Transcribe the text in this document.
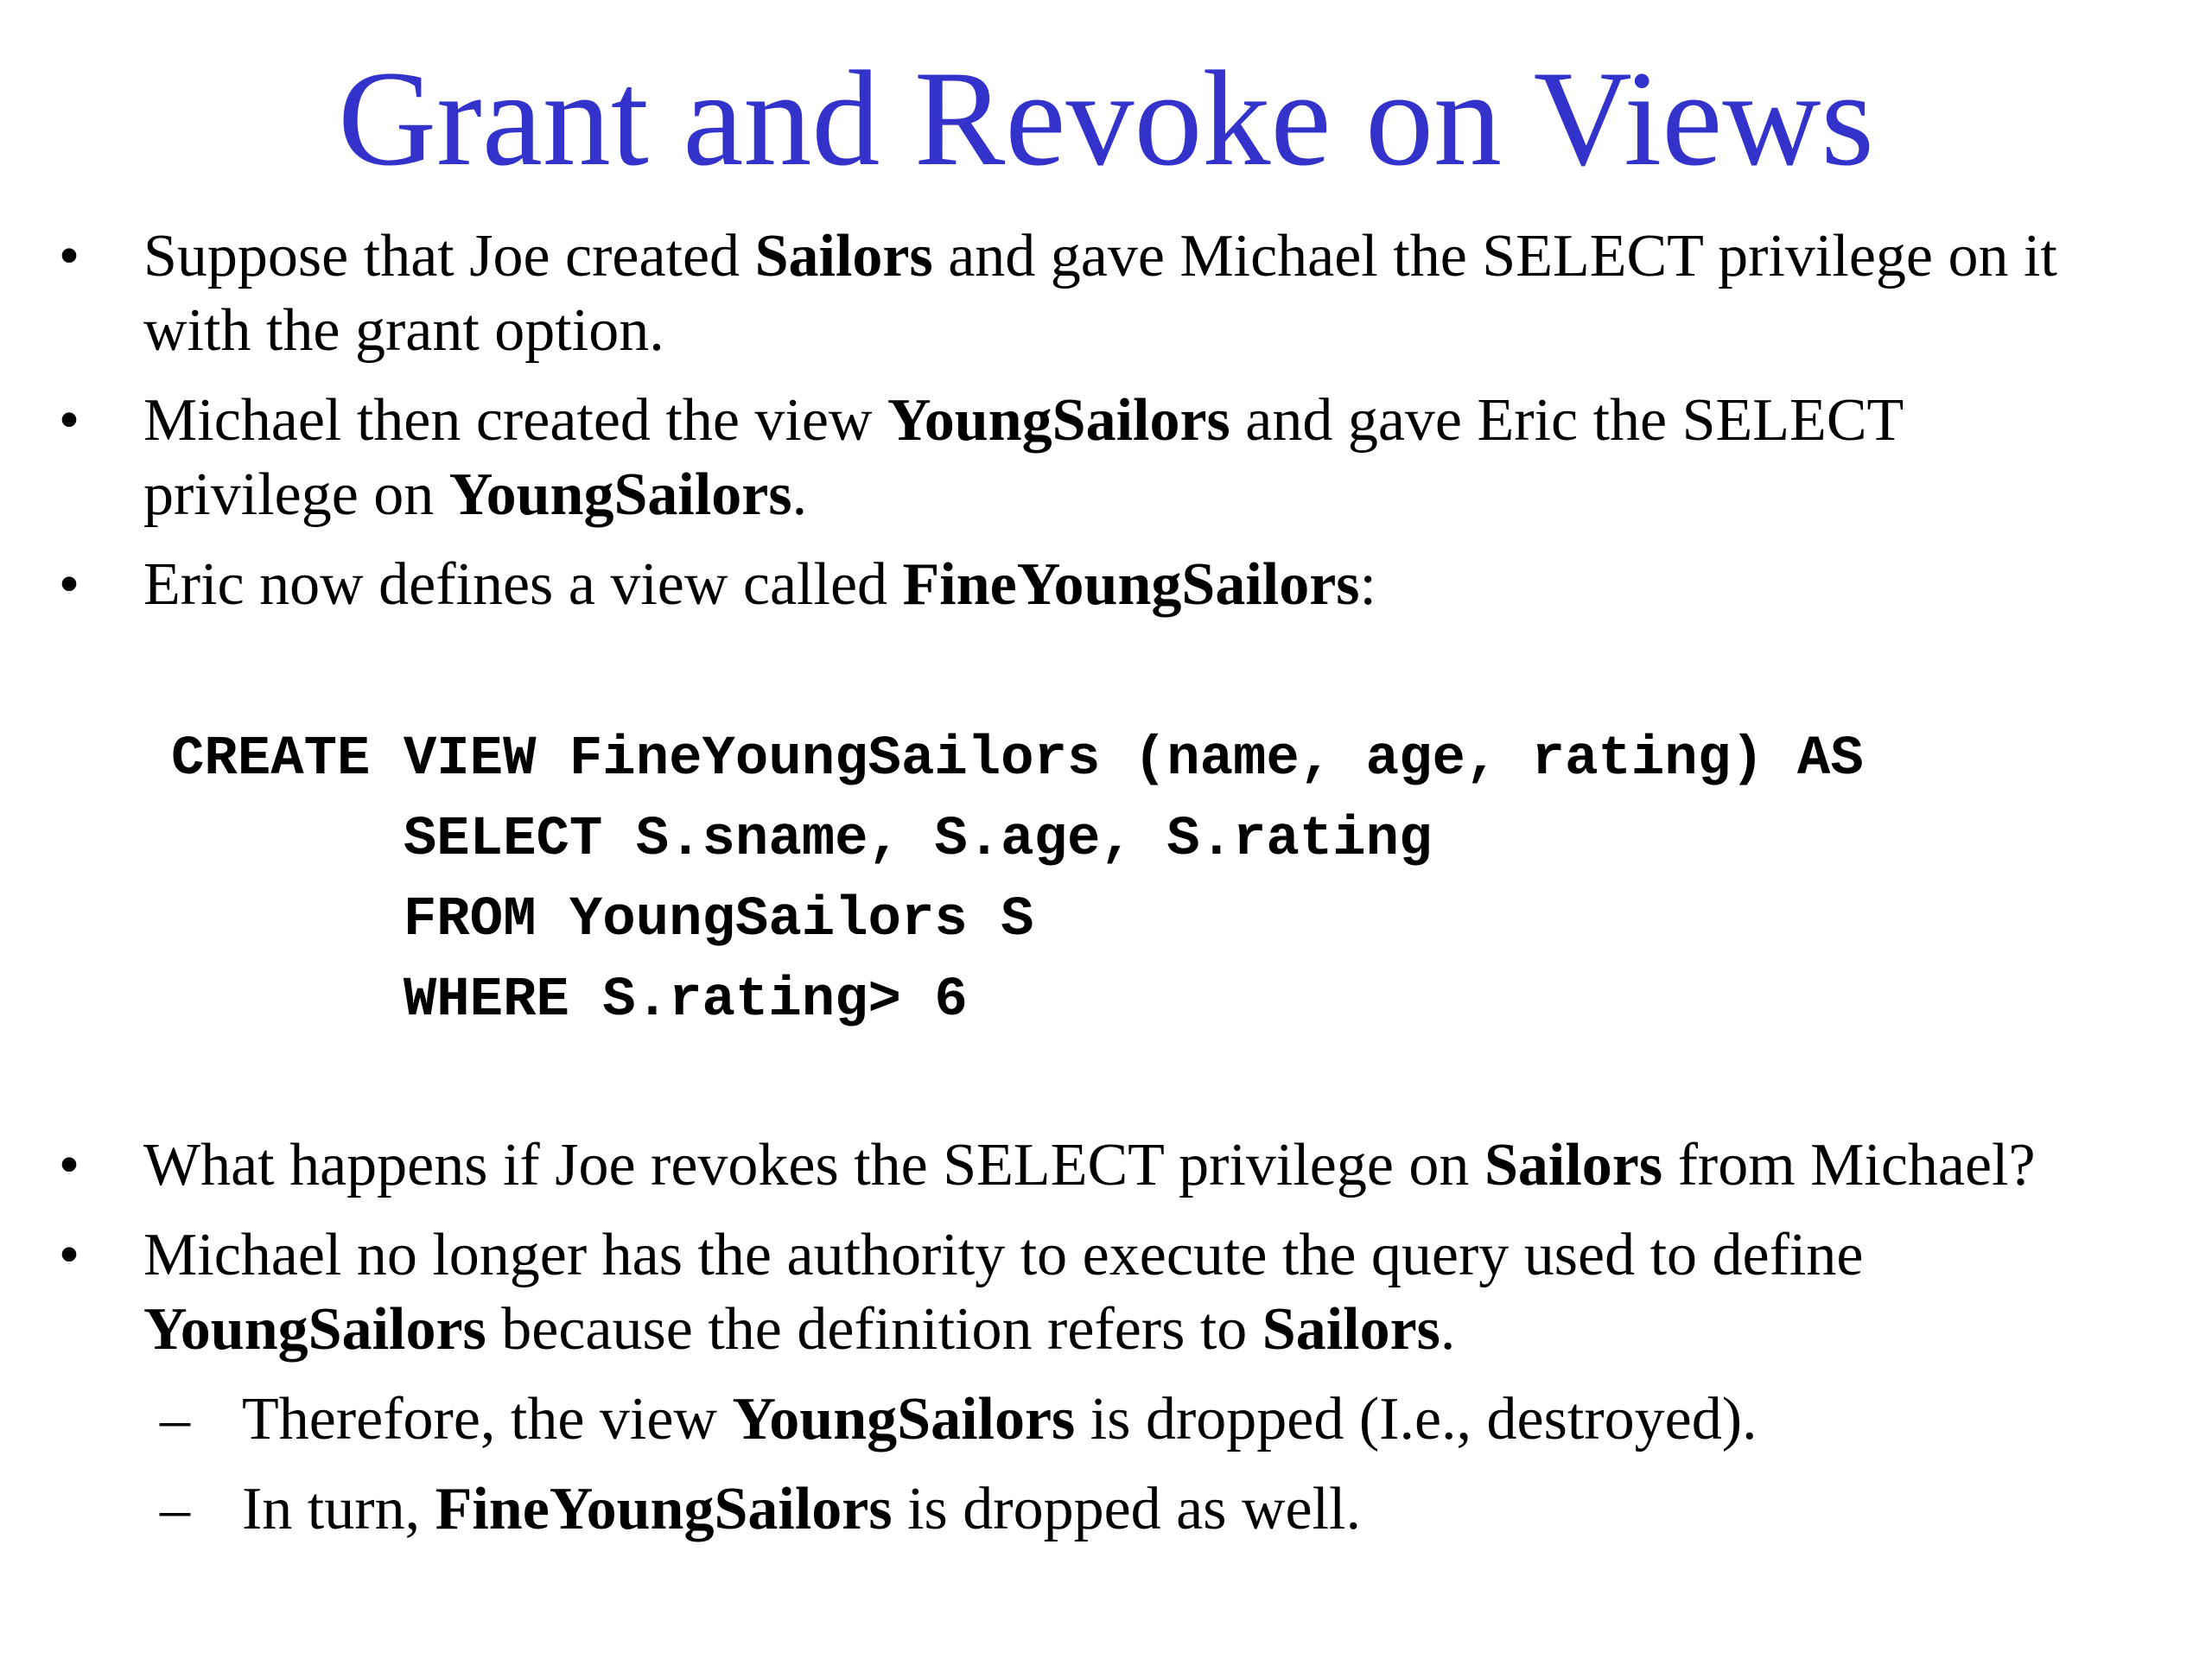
Grant and Revoke on Views
• Suppose that Joe created Sailors and gave Michael the SELECT privilege on it
with the grant option.
• Michael then created the view YoungSailors and gave Eric the SELECT
privilege on YoungSailors.
• Eric now defines a view called FineYoungSailors:
CREATE VIEW FineYoungSailors (name, age, rating) AS
SELECT S.sname, S.age, S.rating
FROM YoungSailors S
WHERE S.rating> 6
• What happens if Joe revokes the SELECT privilege on Sailors from Michael?
• Michael no longer has the authority to execute the query used to define
YoungSailors because the definition refers to Sailors.
– Therefore, the view YoungSailors is dropped (I.e., destroyed).
– In turn, FineYoungSailors is dropped as well.
